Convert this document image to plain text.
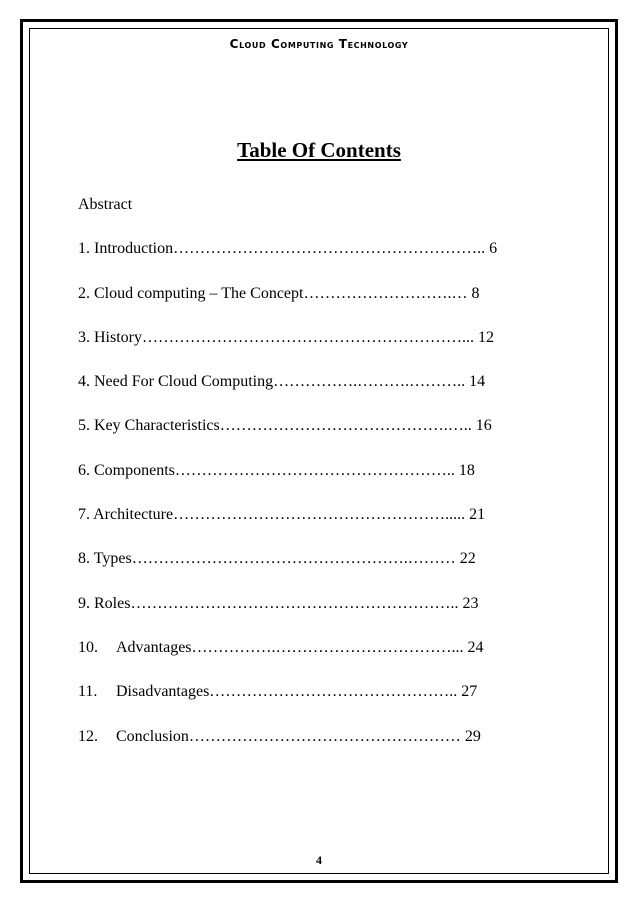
Cloud Computing Technology
Table Of Contents
Abstract
1. Introduction………………………………………………….. 6
2. Cloud computing – The Concept……………………….… 8
3. History……………………………………………………... 12
4. Need For Cloud Computing…………….……….……….. 14
5. Key Characteristics…………………………………….….. 16
6. Components…………………………………………….. 18
7. Architecture……………………………………………..... 21
8. Types…………………………………………….……… 22
9. Roles…………………………………………………….. 23
10. Advantages…………….……………………………... 24
11. Disadvantages……………………………………….. 27
12. Conclusion…………………………………………… 29
4
